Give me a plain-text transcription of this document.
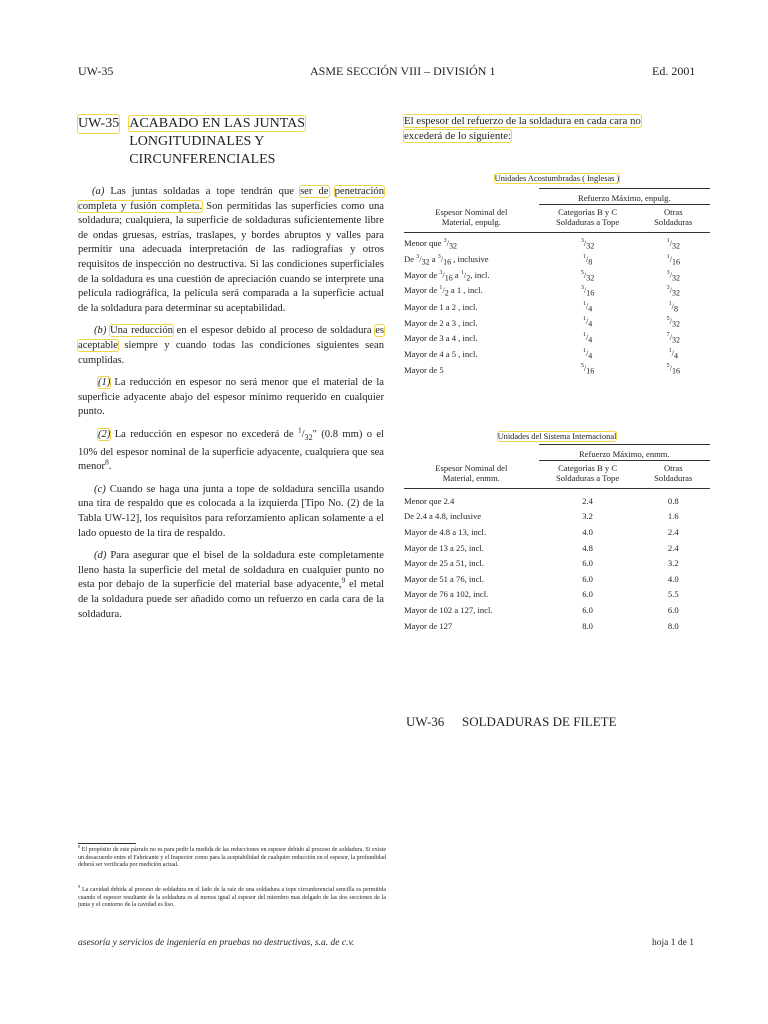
UW-35	ASME SECCIÓN VIII – DIVISIÓN 1	Ed. 2001
UW-35 ACABADO EN LAS JUNTAS
LONGITUDINALES Y
CIRCUNFERENCIALES

(a) Las juntas soldadas a tope tendrán que ser de penetración completa y fusión completa. Son permitidas las superficies como una soldadura; cualquiera, la superficie de soldaduras suficientemente libre de ondas gruesas, estrías, traslapes, y bordes abruptos y valles para permitir una adecuada interpretación de las radiografías y otros requisitos de inspección no destructiva. Si las condiciones superficiales de la soldadura es una cuestión de apreciación cuando se interprete una película radiográfica, la película será comparada a la superficie actual de la soldadura para determinar su aceptabilidad.

(b) Una reducción en el espesor debido al proceso de soldadura es aceptable siempre y cuando todas las condiciones siguientes sean cumplidas.

(1) La reducción en espesor no será menor que el material de la superficie adyacente abajo del espesor mínimo requerido en cualquier punto.

(2) La reducción en espesor no excederá de $^1/_{32}$" (0.8 mm) o el 10% del espesor nominal de la superficie adyacente, cualquiera que sea menor$^8$.

(c) Cuando se haga una junta a tope de soldadura sencilla usando una tira de respaldo que es colocada a la izquierda [Tipo No. (2) de la Tabla UW-12], los requisitos para reforzamiento aplican solamente a el lado opuesto de la tira de respaldo.

(d) Para asegurar que el bisel de la soldadura este completamente lleno hasta la superficie del metal de soldadura en cualquier punto no esta por debajo de la superficie del material base adyacente,$^9$ el metal de la soldadura puede ser añadido como un refuerzo en cada cara de la soldadura.

El espesor del refuerzo de la soldadura en cada cara no
excederá de lo siguiente:

Unidades Acostumbradas ( Inglesas )

	Refuerzo Máximo, enpulg.	
Espesor Nominal del
Material, enpulg.	Categorías B y C
Soldaduras a Tope	Otras
Soldaduras
Menor que $^3/_{32}$	$^3/_{32}$	$^1/_{32}$
De $^3/_{32}$ a $^3/_{16}$ , inclusive	$^1/_8$	$^1/_{16}$
Mayor de $^3/_{16}$ a $^1/_2$, incl.	$^5/_{32}$	$^3/_{32}$
Mayor de $^1/_2$ a 1 , incl.	$^3/_{16}$	$^3/_{32}$
Mayor de 1 a 2 , incl.	$^1/_4$	$^1/_8$
Mayor de 2 a 3 , incl.	$^1/_4$	$^5/_{32}$
Mayor de 3 a 4 , incl.	$^1/_4$	$^7/_{32}$
Mayor de 4 a 5 , incl.	$^1/_4$	$^1/_4$
Mayor de 5	$^5/_{16}$	$^5/_{16}$

Unidades del Sistema Internacional

	Refuerzo Máximo, enmm.	
Espesor Nominal del
Material, enmm.	Categorías B y C
Soldaduras a Tope	Otras
Soldaduras
Menor que 2.4	2.4	0.8
De 2.4 a 4.8, inclusive	3.2	1.6
Mayor de 4.8 a 13, incl.	4.0	2.4
Mayor de 13 a 25, incl.	4.8	2.4
Mayor de 25 a 51, incl.	6.0	3.2
Mayor de 51 a 76, incl.	6.0	4.0
Mayor de 76 a 102, incl.	6.0	5.5
Mayor de 102 a 127, incl.	6.0	6.0
Mayor de 127	8.0	8.0
UW-36 SOLDADURAS DE FILETE
$^8$ El propósito de este párrafo no es para pedir la medida de las reducciones en espesor debido al proceso de soldadura. Si existe un desacuerdo entre el Fabricante y el Inspector como para la aceptabilidad de cualquier reducción en el espesor, la profundidad deberá ser verificada por medición actual.
$^9$ La cavidad debida al proceso de soldadura en el lado de la raíz de una soldadura a tope circunferencial sencilla es permitida cuando el espesor resultante de la soldadura es al menos igual al espesor del miembro mas delgado de las dos secciones de la junta y el contorno de la cavidad es liso.
asesoría y servicios de ingeniería en pruebas no destructivas, s.a. de c.v.	hoja 1 de 1
